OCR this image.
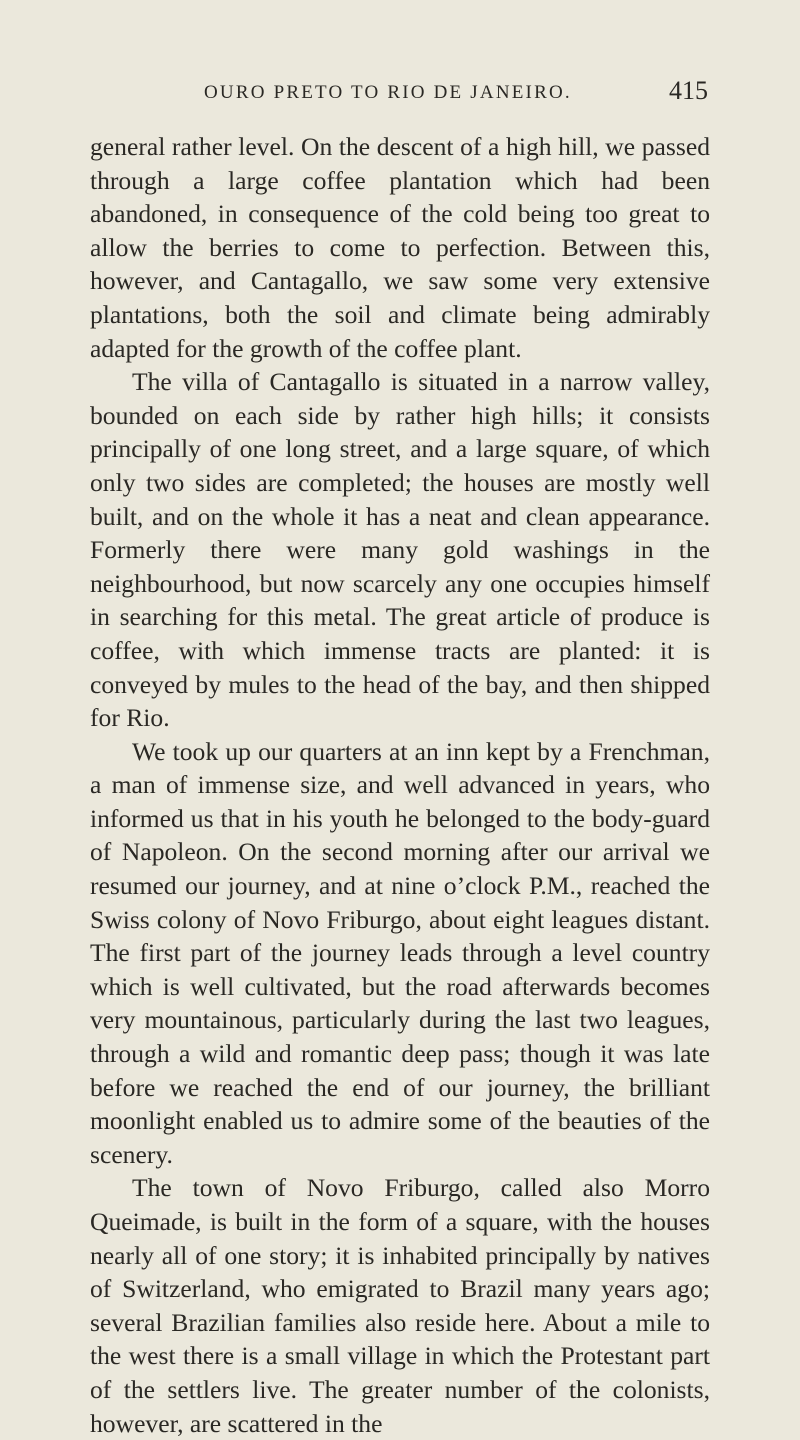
OURO PRETO TO RIO DE JANEIRO.	415

general rather level. On the descent of a high hill, we passed through a large coffee plantation which had been abandoned, in consequence of the cold being too great to allow the berries to come to perfection. Between this, however, and Cantagallo, we saw some very extensive plantations, both the soil and climate being admirably adapted for the growth of the coffee plant.

The villa of Cantagallo is situated in a narrow valley, bounded on each side by rather high hills; it consists principally of one long street, and a large square, of which only two sides are completed; the houses are mostly well built, and on the whole it has a neat and clean appearance. Formerly there were many gold washings in the neighbourhood, but now scarcely any one occupies himself in searching for this metal. The great article of produce is coffee, with which immense tracts are planted: it is conveyed by mules to the head of the bay, and then shipped for Rio.

We took up our quarters at an inn kept by a Frenchman, a man of immense size, and well advanced in years, who informed us that in his youth he belonged to the body-guard of Napoleon. On the second morning after our arrival we resumed our journey, and at nine o’clock P.M., reached the Swiss colony of Novo Friburgo, about eight leagues distant. The first part of the journey leads through a level country which is well cultivated, but the road afterwards becomes very mountainous, particularly during the last two leagues, through a wild and romantic deep pass; though it was late before we reached the end of our journey, the brilliant moonlight enabled us to admire some of the beauties of the scenery.

The town of Novo Friburgo, called also Morro Queimade, is built in the form of a square, with the houses nearly all of one story; it is inhabited principally by natives of Switzerland, who emigrated to Brazil many years ago; several Brazilian families also reside here. About a mile to the west there is a small village in which the Protestant part of the settlers live. The greater number of the colonists, however, are scattered in the
